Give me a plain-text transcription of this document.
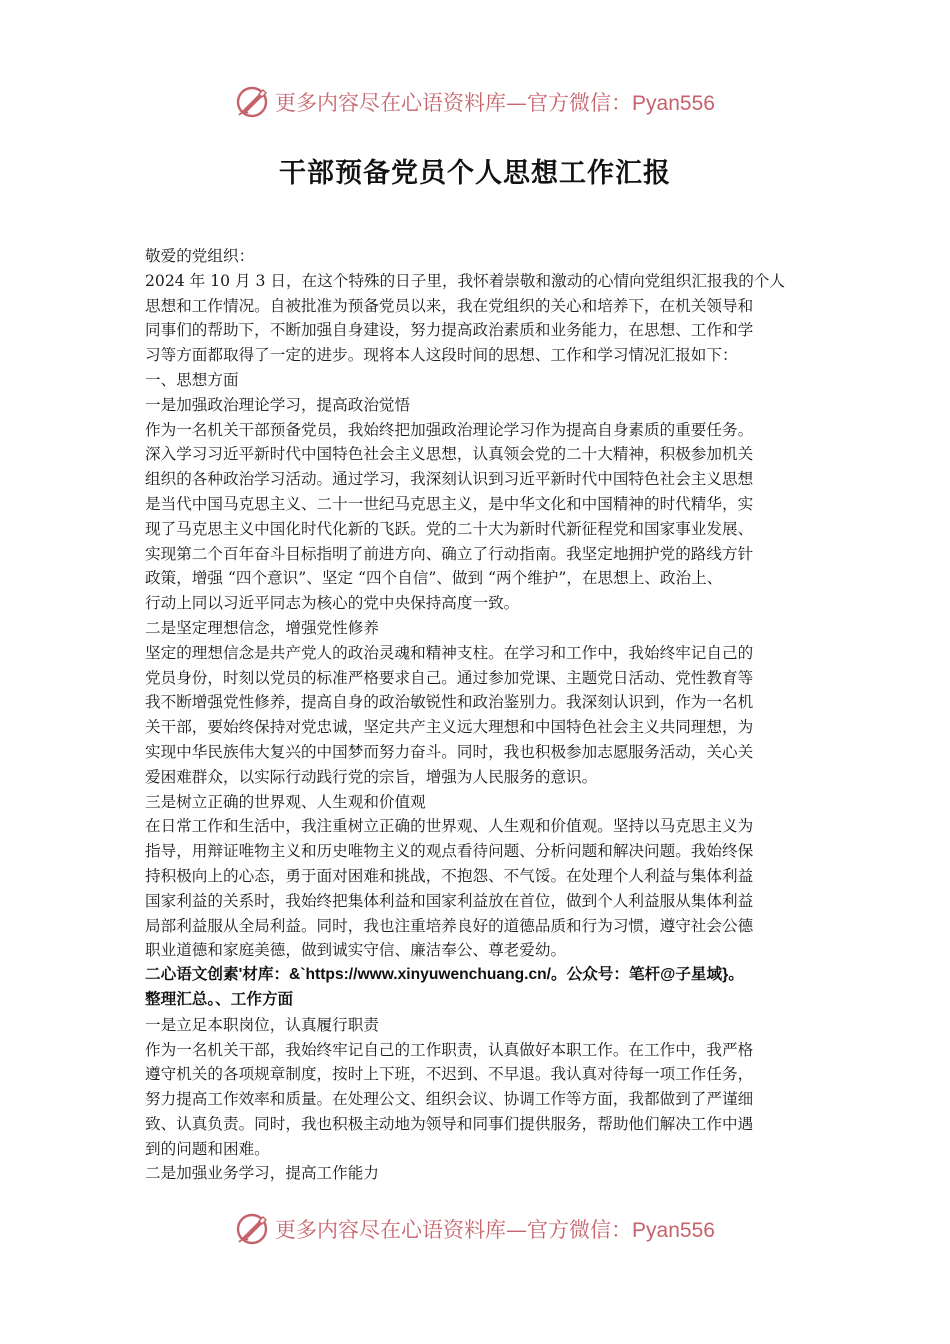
更多内容尽在心语资料库—官方微信：Pyan556
干部预备党员个人思想工作汇报
敬爱的党组织：
2024 年 10 月 3 日，在这个特殊的日子里，我怀着崇敬和激动的心情向党组织汇报我的个人
思想和工作情况。自被批准为预备党员以来，我在党组织的关心和培养下，在机关领导和
同事们的帮助下，不断加强自身建设，努力提高政治素质和业务能力，在思想、工作和学
习等方面都取得了一定的进步。现将本人这段时间的思想、工作和学习情况汇报如下：
一、思想方面
一是加强政治理论学习，提高政治觉悟
作为一名机关干部预备党员，我始终把加强政治理论学习作为提高自身素质的重要任务。
深入学习习近平新时代中国特色社会主义思想，认真领会党的二十大精神，积极参加机关
组织的各种政治学习活动。通过学习，我深刻认识到习近平新时代中国特色社会主义思想
是当代中国马克思主义、二十一世纪马克思主义，是中华文化和中国精神的时代精华，实
现了马克思主义中国化时代化新的飞跃。党的二十大为新时代新征程党和国家事业发展、
实现第二个百年奋斗目标指明了前进方向、确立了行动指南。我坚定地拥护党的路线方针
政策，增强 “四个意识”、坚定 “四个自信”、做到 “两个维护”，在思想上、政治上、
行动上同以习近平同志为核心的党中央保持高度一致。
二是坚定理想信念，增强党性修养
坚定的理想信念是共产党人的政治灵魂和精神支柱。在学习和工作中，我始终牢记自己的
党员身份，时刻以党员的标准严格要求自己。通过参加党课、主题党日活动、党性教育等
我不断增强党性修养，提高自身的政治敏锐性和政治鉴别力。我深刻认识到，作为一名机
关干部，要始终保持对党忠诚，坚定共产主义远大理想和中国特色社会主义共同理想，为
实现中华民族伟大复兴的中国梦而努力奋斗。同时，我也积极参加志愿服务活动，关心关
爱困难群众，以实际行动践行党的宗旨，增强为人民服务的意识。
三是树立正确的世界观、人生观和价值观
在日常工作和生活中，我注重树立正确的世界观、人生观和价值观。坚持以马克思主义为
指导，用辩证唯物主义和历史唯物主义的观点看待问题、分析问题和解决问题。我始终保
持积极向上的心态，勇于面对困难和挑战，不抱怨、不气馁。在处理个人利益与集体利益
国家利益的关系时，我始终把集体利益和国家利益放在首位，做到个人利益服从集体利益
局部利益服从全局利益。同时，我也注重培养良好的道德品质和行为习惯，遵守社会公德
职业道德和家庭美德，做到诚实守信、廉洁奉公、尊老爱幼。
二心语文创素'材库：&`https://www.xinyuwenchuang.cn/。公众号：笔杆@子星域}。
整理汇总。、工作方面
一是立足本职岗位，认真履行职责
作为一名机关干部，我始终牢记自己的工作职责，认真做好本职工作。在工作中，我严格
遵守机关的各项规章制度，按时上下班，不迟到、不早退。我认真对待每一项工作任务，
努力提高工作效率和质量。在处理公文、组织会议、协调工作等方面，我都做到了严谨细
致、认真负责。同时，我也积极主动地为领导和同事们提供服务，帮助他们解决工作中遇
到的问题和困难。
二是加强业务学习，提高工作能力
更多内容尽在心语资料库—官方微信：Pyan556
